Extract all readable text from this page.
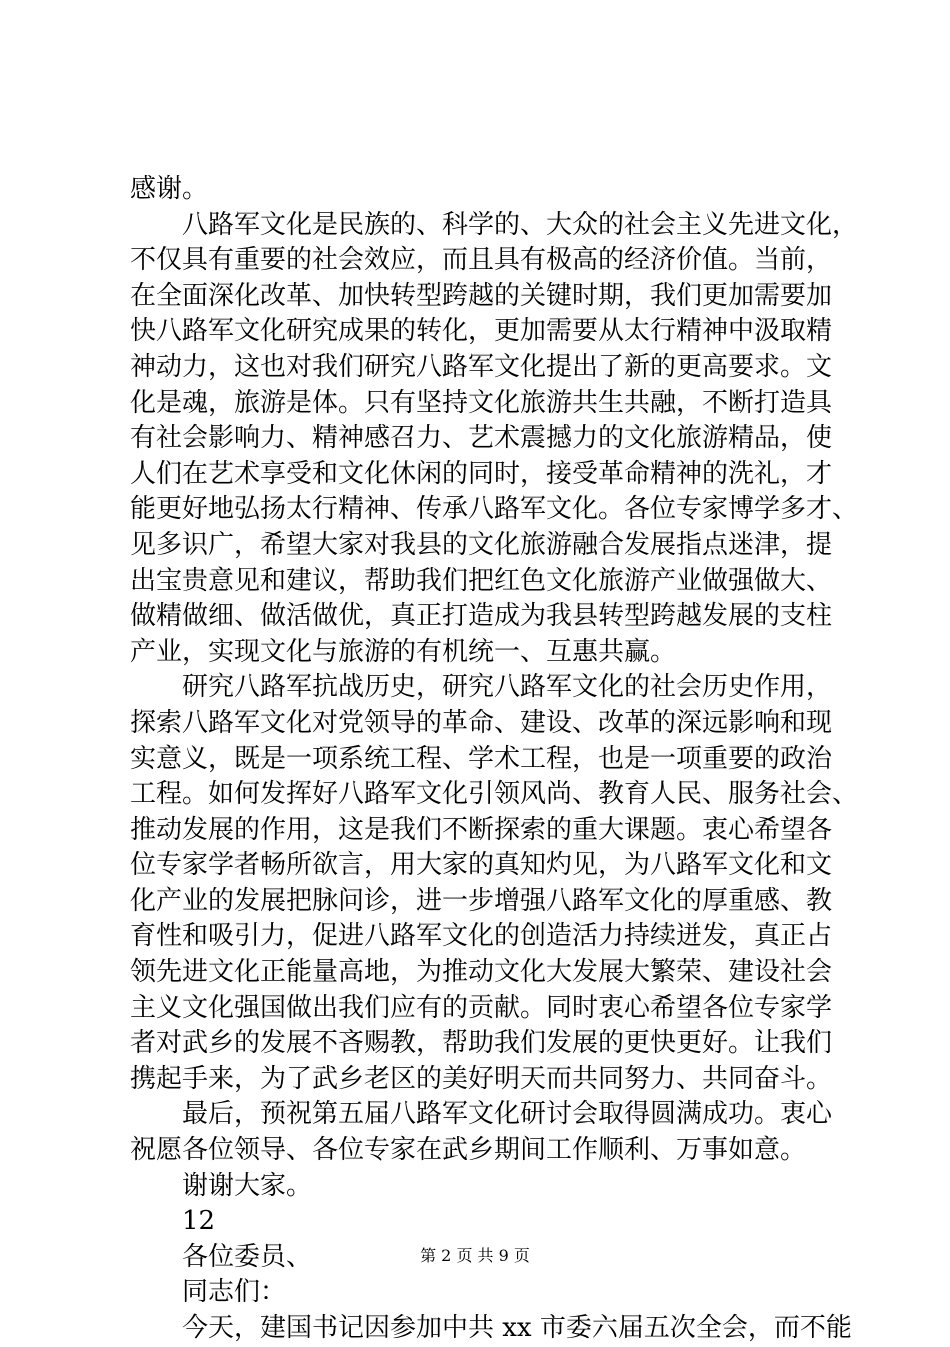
感谢。
八路军文化是民族的、科学的、大众的社会主义先进文化，
不仅具有重要的社会效应，而且具有极高的经济价值。当前，
在全面深化改革、加快转型跨越的关键时期，我们更加需要加
快八路军文化研究成果的转化，更加需要从太行精神中汲取精
神动力，这也对我们研究八路军文化提出了新的更高要求。文
化是魂，旅游是体。只有坚持文化旅游共生共融，不断打造具
有社会影响力、精神感召力、艺术震撼力的文化旅游精品，使
人们在艺术享受和文化休闲的同时，接受革命精神的洗礼，才
能更好地弘扬太行精神、传承八路军文化。各位专家博学多才、
见多识广，希望大家对我县的文化旅游融合发展指点迷津，提
出宝贵意见和建议，帮助我们把红色文化旅游产业做强做大、
做精做细、做活做优，真正打造成为我县转型跨越发展的支柱
产业，实现文化与旅游的有机统一、互惠共赢。
研究八路军抗战历史，研究八路军文化的社会历史作用，
探索八路军文化对党领导的革命、建设、改革的深远影响和现
实意义，既是一项系统工程、学术工程，也是一项重要的政治
工程。如何发挥好八路军文化引领风尚、教育人民、服务社会、
推动发展的作用，这是我们不断探索的重大课题。衷心希望各
位专家学者畅所欲言，用大家的真知灼见，为八路军文化和文
化产业的发展把脉问诊，进一步增强八路军文化的厚重感、教
育性和吸引力，促进八路军文化的创造活力持续迸发，真正占
领先进文化正能量高地，为推动文化大发展大繁荣、建设社会
主义文化强国做出我们应有的贡献。同时衷心希望各位专家学
者对武乡的发展不吝赐教，帮助我们发展的更快更好。让我们
携起手来，为了武乡老区的美好明天而共同努力、共同奋斗。
最后，预祝第五届八路军文化研讨会取得圆满成功。衷心
祝愿各位领导、各位专家在武乡期间工作顺利、万事如意。
谢谢大家。
12
各位委员、
同志们：
今天，建国书记因参加中共 xx 市委六届五次全会，而不能
第 2 页 共 9 页
